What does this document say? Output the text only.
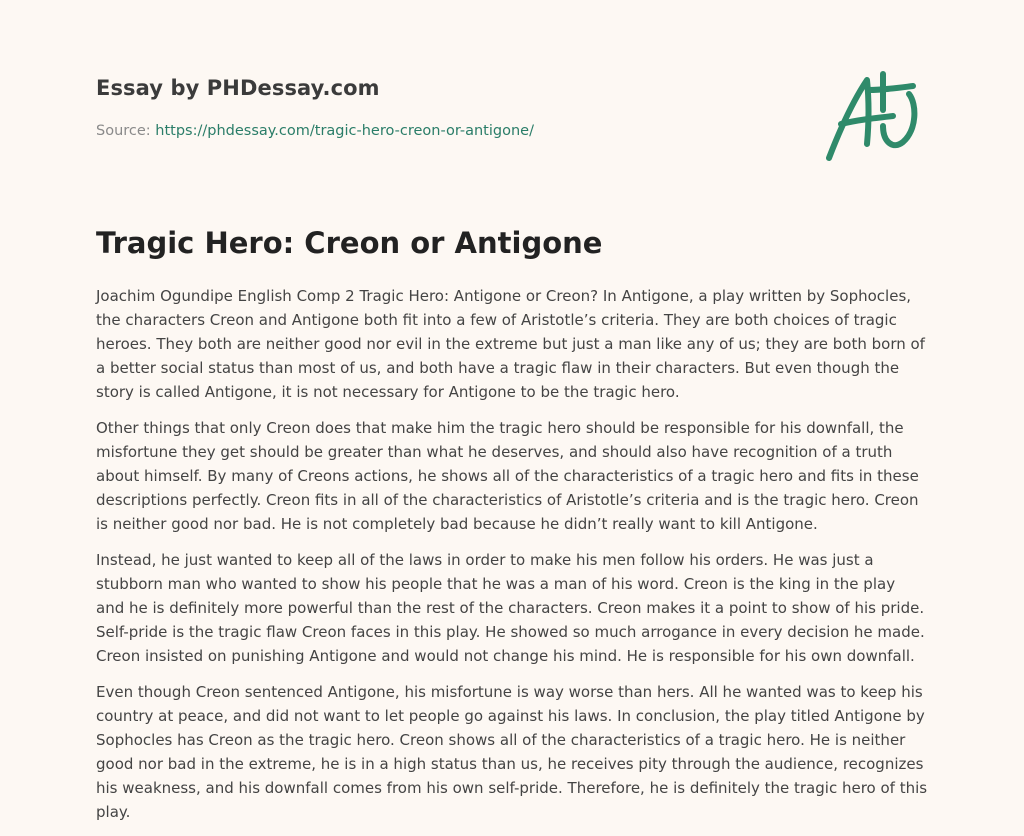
Essay by PHDessay.com
Source: https://phdessay.com/tragic-hero-creon-or-antigone/
Tragic Hero: Creon or Antigone

Joachim Ogundipe English Comp 2 Tragic Hero: Antigone or Creon? In Antigone, a play written by Sophocles, the characters Creon and Antigone both fit into a few of Aristotle’s criteria. They are both choices of tragic heroes. They both are neither good nor evil in the extreme but just a man like any of us; they are both born of a better social status than most of us, and both have a tragic flaw in their characters. But even though the story is called Antigone, it is not necessary for Antigone to be the tragic hero.

Other things that only Creon does that make him the tragic hero should be responsible for his downfall, the misfortune they get should be greater than what he deserves, and should also have recognition of a truth about himself. By many of Creons actions, he shows all of the characteristics of a tragic hero and fits in these descriptions perfectly. Creon fits in all of the characteristics of Aristotle’s criteria and is the tragic hero. Creon is neither good nor bad. He is not completely bad because he didn’t really want to kill Antigone.

Instead, he just wanted to keep all of the laws in order to make his men follow his orders. He was just a stubborn man who wanted to show his people that he was a man of his word. Creon is the king in the play and he is definitely more powerful than the rest of the characters. Creon makes it a point to show of his pride. Self-pride is the tragic flaw Creon faces in this play. He showed so much arrogance in every decision he made. Creon insisted on punishing Antigone and would not change his mind. He is responsible for his own downfall.

Even though Creon sentenced Antigone, his misfortune is way worse than hers. All he wanted was to keep his country at peace, and did not want to let people go against his laws. In conclusion, the play titled Antigone by Sophocles has Creon as the tragic hero. Creon shows all of the characteristics of a tragic hero. He is neither good nor bad in the extreme, he is in a high status than us, he receives pity through the audience, recognizes his weakness, and his downfall comes from his own self-pride. Therefore, he is definitely the tragic hero of this play.
